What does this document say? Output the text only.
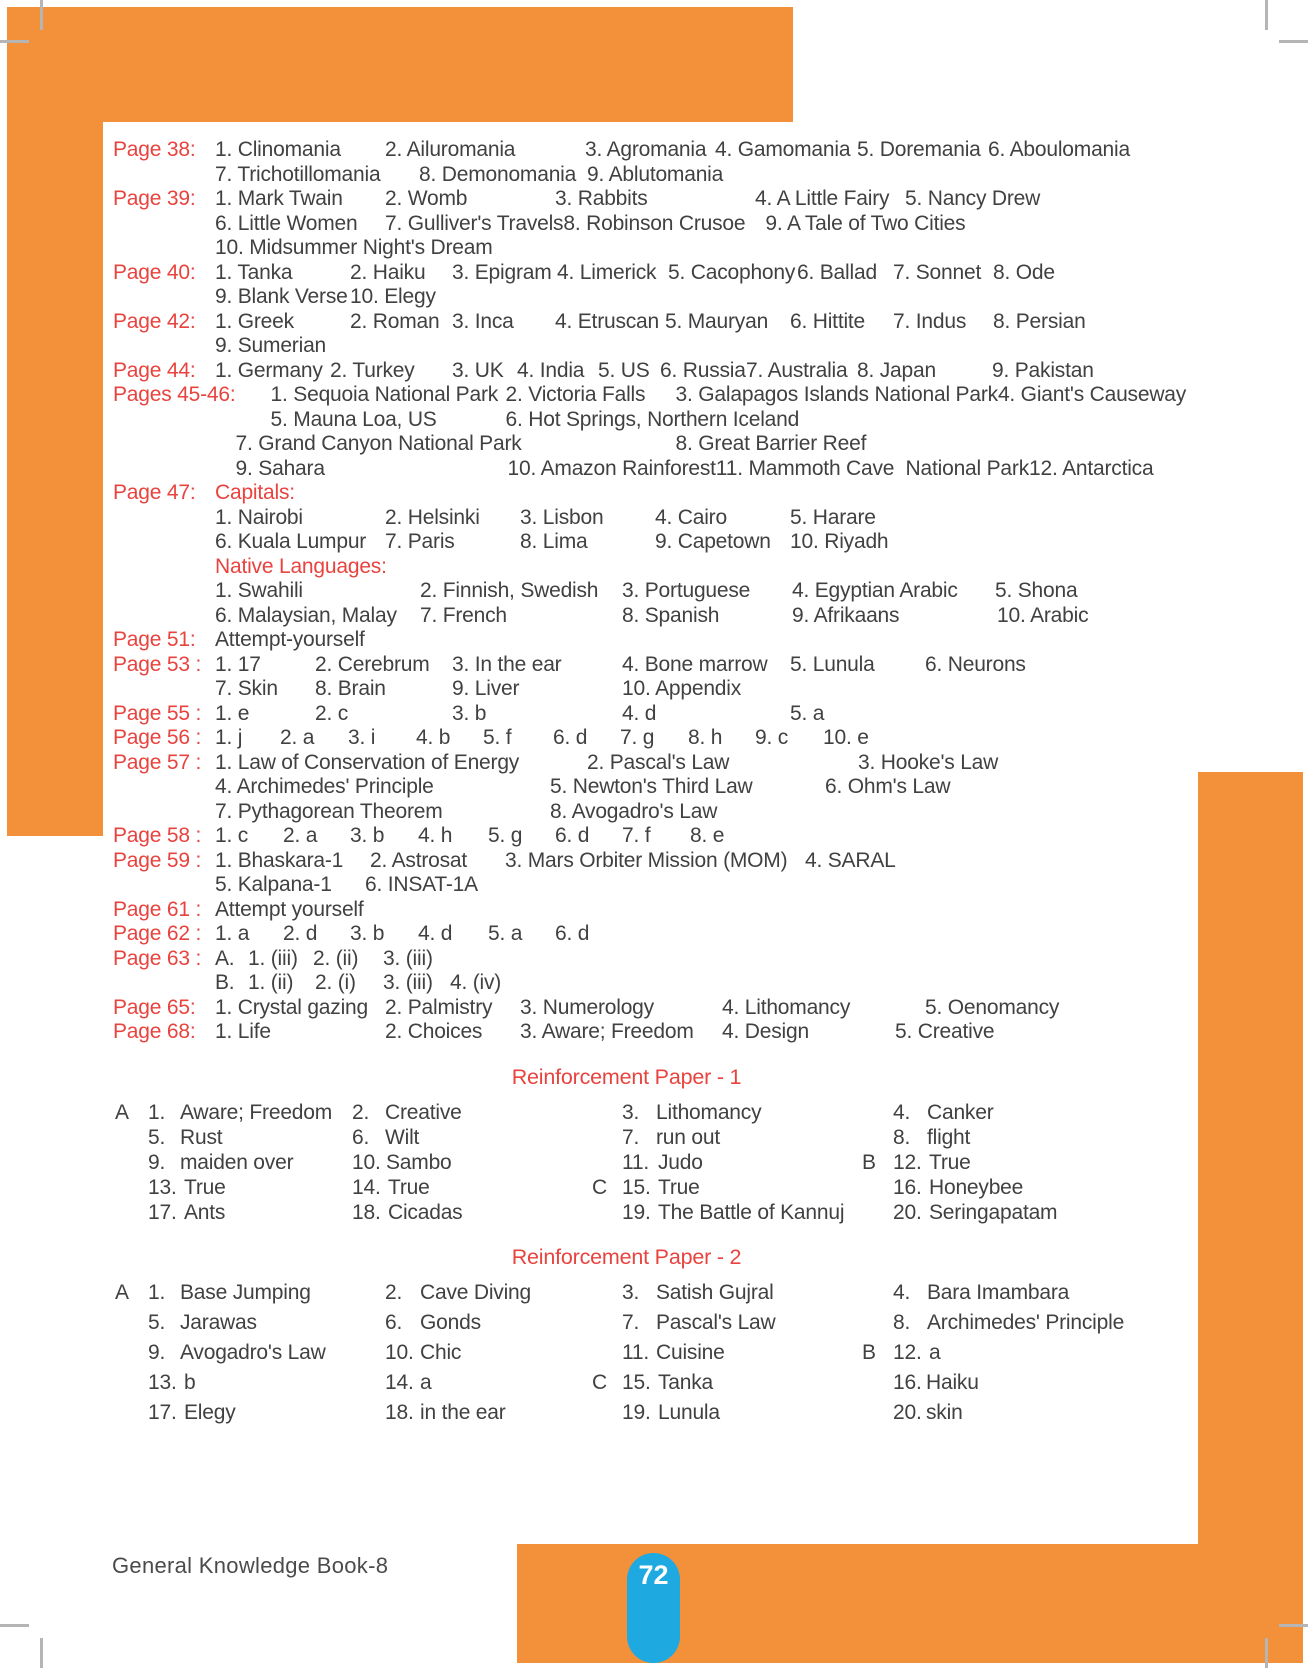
Page 38: 1. Clinomania 2. Ailuromania	3. Agromania 4. Gamomania 5. Doremania 6. Aboulomania
7. Trichotillomania 8. Demonomania 9. Ablutomania
Page 39: 1. Mark Twain 2. Womb	3. Rabbits	4. A Little Fairy 5. Nancy Drew
6. Little Women 7. Gulliver's Travels8. Robinson Crusoe 9. A Tale of Two Cities
10. Midsummer Night's Dream
Page 40: 1. Tanka	2. Haiku 3. Epigram 4. Limerick 5. Cacophony6. Ballad 7. Sonnet 8. Ode
9. Blank Verse 10. Elegy
Page 42: 1. Greek	2. Roman 3. Inca 4. Etruscan 5. Mauryan 6. Hittite 7. Indus 8. Persian
9. Sumerian
Page 44: 1. Germany 2. Turkey 3. UK 4. India 5. US 6. Russia7. Australia 8. Japan	9. Pakistan
Pages 45-46:	1. Sequoia National Park 2. Victoria Falls 3. Galapagos Islands National Park4. Giant's Causeway
5. Mauna Loa, US	6. Hot Springs, Northern Iceland
7. Grand Canyon National Park	8. Great Barrier Reef
9. Sahara	10. Amazon Rainforest11. Mammoth Cave  National Park12. Antarctica
Page 47: Capitals:
1. Nairobi	2. Helsinki 3. Lisbon 4. Cairo	5. Harare
6. Kuala Lumpur 7. Paris	8. Lima	9. Capetown 10. Riyadh
Native Languages:
1. Swahili	2. Finnish, Swedish 3. Portuguese 4. Egyptian Arabic 5. Shona
6. Malaysian, Malay 7. French	8. Spanish	9. Afrikaans	10. Arabic
Page 51: Attempt-yourself
Page 53 : 1. 17	2. Cerebrum 3. In the ear	4. Bone marrow 5. Lunula 6. Neurons
7. Skin 8. Brain	9. Liver	10. Appendix
Page 55 : 1. e	2. c	3. b	4. d	5. a
Page 56 : 1. j 2. a 3. i 4. b 5. f 6. d 7. g 8. h 9. c 10. e
Page 57 : 1. Law of Conservation of Energy	2. Pascal's Law	3. Hooke's Law
4. Archimedes' Principle	5. Newton's Third Law	6. Ohm's Law
7. Pythagorean Theorem	8. Avogadro's Law
Page 58 : 1. c 2. a 3. b 4. h 5. g 6. d 7. f 8. e
Page 59 : 1. Bhaskara-1 2. Astrosat 3. Mars Orbiter Mission (MOM) 4. SARAL
5. Kalpana-1 6. INSAT-1A
Page 61 : Attempt yourself
Page 62 : 1. a 2. d 3. b 4. d 5. a 6. d
Page 63 : A. 1. (iii) 2. (ii) 3. (iii)
B. 1. (ii) 2. (i) 3. (iii) 4. (iv)
Page 65: 1. Crystal gazing 2. Palmistry 3. Numerology	4. Lithomancy	5. Oenomancy
Page 68: 1. Life	2. Choices 3. Aware; Freedom 4. Design	5. Creative
Reinforcement Paper - 1
A 1. Aware; Freedom 2. Creative	3. Lithomancy	4. Canker
5. Rust	6. Wilt	7. run out	8. flight
9. maiden over	10. Sambo	11. Judo	B 12. True
13. True	14. True	C 15. True	16. Honeybee
17. Ants	18. Cicadas	19. The Battle of Kannuj 20. Seringapatam
Reinforcement Paper - 2
A 1. Base Jumping	2. Cave Diving	3. Satish Gujral	4. Bara Imambara
5. Jarawas	6. Gonds	7. Pascal's Law	8. Archimedes' Principle
9. Avogadro's Law	10. Chic	11. Cuisine	B 12. a
13. b	14. a	C 15. Tanka	16. Haiku
17. Elegy	18. in the ear	19. Lunula	20. skin
General Knowledge Book-8	72
